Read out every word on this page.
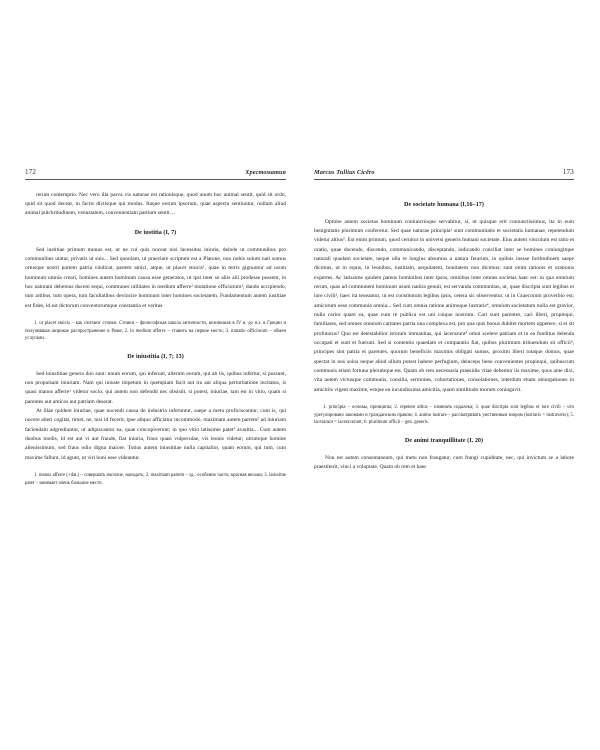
172	Хрестоматия

rerum contemptio. Nec vero illa parva vis naturae est rationisque, quod unum hoc animal sentit, quid sit ordo, quid sit quod deceat, in factis dictisque qui modus. Itaque eorum ipsorum, quae aspectu sentiuntur, nullum aliud animal pulchritudinem, venustatem, convenientiam partium sentit…

De iustitia (I, 7)

Sed iustitiae primum munus est, ut ne cui quis noceat nisi lacessitus iniuria, deinde ut communibus pro communibus utatur, privatis ut suis... Sed quoniam, ut praeclare scriptum est a Platone, non nobis solum nati sumus ortusque nostri partem patria vindicat, partem amici, atque, ut placet stoicis¹, quae in terris gignuntur ad usum hominum omnia creari, homines autem hominum causa esse generatos, ut ipsi inter se aliis alii prodesse possent, in hoc naturam debemus ducem sequi, communes utilitates in medium afferre² mutatione officiorum³, dando accipiendo, tum artibus, tum opera, tum facultatibus devincire hominum inter homines societatem. Fundamentum autem iustitiae est fides, id est dictorum conventorumque constantia et veritas.

1. ut placet stoicis – как считают стоики. Стоики – философская школа античности, возникшая в IV в. до н.э. в Греции и получившая широкое распространение в Риме; 2. in medium afferre – ставить на первое место; 3. mutatio officiorum – обмен услугами.

De iniustitia (I, 7; 13)

Sed iniustitiae genera duo sunt: unum eorum, qui inferunt, alterum eorum, qui ab iis, quibus infertur, si possunt, non propulsant iniuriam. Nam qui iniuste impetum in quempiam facit aut ira aut aliqua perturbatione incitatus, is quasi manus afferre¹ videtur socio; qui autem non defendit nec obsistit, si potest, iniuriae, tam est in vitio, quam si parentes aut amicos aut patriam deserat.

At illae quidem iniuriae, quae nocendi causa de industria inferuntur, saepe a metu proficiscuntur, cum is, qui nocere alteri cogitat, timet, ne, nisi id fecerit, ipse aliquo afficiatur incommodo, maximam autem partem² ad iniuriam faciendam adgrediuntur, ut adipiscantur ea, quae concupiverunt; in quo vitio latissime patet³ avaritia... Cum autem duobus modis, id est aut vi aut fraude, fiat iniuria, fraus quasi vulpeculae, vis leonis videtur; utrumque homine alienissimum, sed fraus odio digna maiore. Totius autem iniustitiae nulla capitalior, quam eorum, qui tum, cum maxime fallunt, id agunt, ut viri boni esse videantur.

1. manus afferre (+dat.) – совершать насилие, нападать; 2. maximam partem – зд.: особенно часто, красная весьма; 3. latissime patet – занимает очень большое место.

Marcus Tullius Cicĕro	173
De societate humana (I,16–17)

Optime autem societas hominum coniunctioque servabitur, si, ut quisque erit coniunctissimus, ita in eum benignitatis plurimum conferetur. Sed quae naturae principia¹ sunt communitatis et societatis humanae, repetendum videtur altius². Est enim primum, quod cernitur in universi generis humani societate. Eius autem vinculum est ratio et oratio, quae docendo, discendo, communicando, disceptando, iudicando conciliat inter se homines coniungitque naturali quadam societate, neque ulla re longius absumus a natura ferarum, in quibus inesse fortitudinem saepe dicimus, ut in equis, in leonibus, iustitiam, aequitatem, bonitatem non dicimus; sunt enim rationis et orationis expertes. Ac latissime quidem patens hominibus inter ipsos, omnibus inter omnes societas haec est: in qua omnium rerum, quas ad communem hominum usum natūra genuit, est servanda communitas, ut, quae discripta sunt legibus et iure civili³, haec ita teneantur, ut est constitutum legibus ipsis, cetera sic observentur, ut in Graecorum proverbio est; amicorum esse communia omnia... Sed cum omnia ratione animoque lustraris⁴, omnium societatum nulla est gravior, nulla carior quam ea, quae cum re publica est uni cuique nostrum. Cari sunt parentes, cari liberi, propinqui, familiares, sed omnes omnium caritates patria una complexa est, pro qua quis bonus dubitet mortem oppetere, si ei sit profuturus? Quo est detestabilior istorum immanitas, qui lacerarunt⁵ omni scelere patriam et in ea funditus delenda occupati et sunt et fuerunt. Sed si contentio quaedam et comparatio fiat, quibus plurimum tribuendum sit officii⁶, principes sint patria et parentes, quorum beneficiis maximis obligati sumus, proximi liberi totaque domus, quae spectat in nos solos neque aliud ullum potest habere perfugium, deinceps bene convenientes propinqui, quibuscum communis etiam fortuna plerumque est. Quam ob rem necessaria praesidia vitae debentur iis maxime, quos ante dixi, vita autem victusque communis, consilia, sermones, cohortationes, consolationes, interdum etiam obiurgationes in amicitiis vigent maxime, estque ea iucundissima amicitia, quam similitudo morum coniugavit.

1. principia – основы, принципы; 2. repetere altius – начинать издалека; 3. quae discripta sunt legibus et iure civili – что урегулировано законами и гражданским правом; 4. animo lustrare – рассматривать умственным взором (lustraris = lustraveris); 5. lacerarunt = laceraverunt; 6. plurimum officii – gen. generis.

De animi tranquillitate (I, 20)

Non est autem consentaneum, qui metu non frangatur, cum frangi cupiditate, nec, qui invictum se a labore praestiterit, vinci a voluptate. Quam ob rem et haec
